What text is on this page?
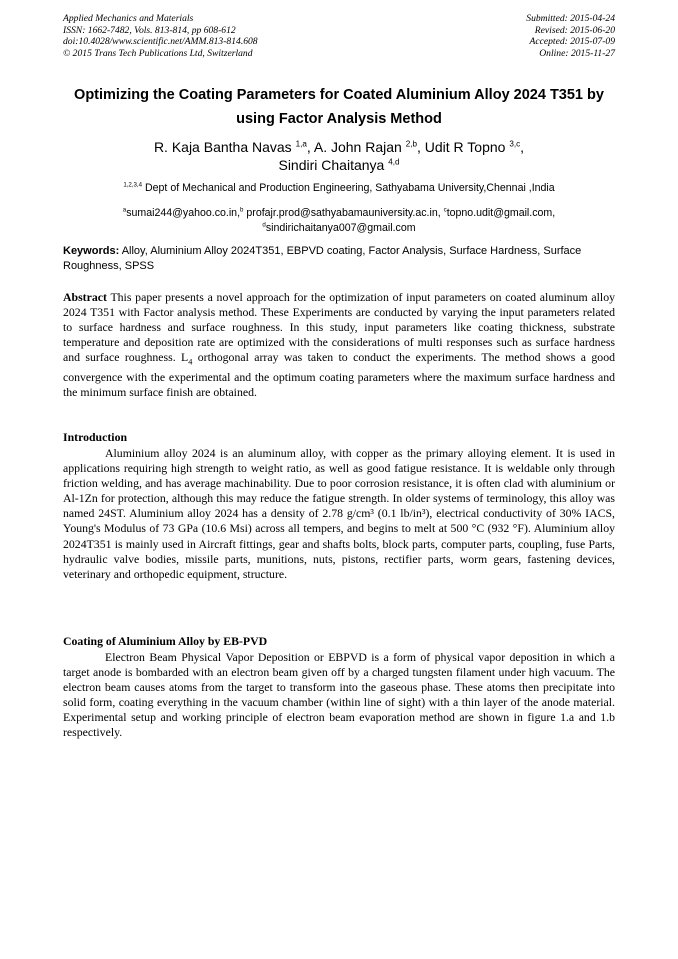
Applied Mechanics and Materials
ISSN: 1662-7482, Vols. 813-814, pp 608-612
doi:10.4028/www.scientific.net/AMM.813-814.608
© 2015 Trans Tech Publications Ltd, Switzerland
Submitted: 2015-04-24
Revised: 2015-06-20
Accepted: 2015-07-09
Online: 2015-11-27
Optimizing the Coating Parameters for Coated Aluminium Alloy 2024 T351 by using Factor Analysis Method
R. Kaja Bantha Navas $^{1,a}$, A. John Rajan $^{2,b}$, Udit R Topno $^{3,c}$,
Sindiri Chaitanya $^{4,d}$
$^{1,2,3,4}$ Dept of Mechanical and Production Engineering, Sathyabama University,Chennai ,India
$^a$sumai244@yahoo.co.in,$^b$ profajr.prod@sathyabamauniversity.ac.in, $^c$topno.udit@gmail.com,
$^d$sindirichaitanya007@gmail.com
Keywords: Alloy, Aluminium Alloy 2024T351, EBPVD coating, Factor Analysis, Surface Hardness, Surface Roughness, SPSS

Abstract This paper presents a novel approach for the optimization of input parameters on coated aluminum alloy 2024 T351 with Factor analysis method. These Experiments are conducted by varying the input parameters related to surface hardness and surface roughness. In this study, input parameters like coating thickness, substrate temperature and deposition rate are optimized with the considerations of multi responses such as surface hardness and surface roughness. $L_4$ orthogonal array was taken to conduct the experiments. The method shows a good convergence with the experimental and the optimum coating parameters where the maximum surface hardness and the minimum surface finish are obtained.

Introduction

Aluminium alloy 2024 is an aluminum alloy, with copper as the primary alloying element. It is used in applications requiring high strength to weight ratio, as well as good fatigue resistance. It is weldable only through friction welding, and has average machinability. Due to poor corrosion resistance, it is often clad with aluminium or Al-1Zn for protection, although this may reduce the fatigue strength. In older systems of terminology, this alloy was named 24ST. Aluminium alloy 2024 has a density of 2.78 g/cm³ (0.1 lb/in³), electrical conductivity of 30% IACS, Young's Modulus of 73 GPa (10.6 Msi) across all tempers, and begins to melt at 500 °C (932 °F). Aluminium alloy 2024T351 is mainly used in Aircraft fittings, gear and shafts bolts, block parts, computer parts, coupling, fuse Parts, hydraulic valve bodies, missile parts, munitions, nuts, pistons, rectifier parts, worm gears, fastening devices, veterinary and orthopedic equipment, structure.

Coating of Aluminium Alloy by EB-PVD

Electron Beam Physical Vapor Deposition or EBPVD is a form of physical vapor deposition in which a target anode is bombarded with an electron beam given off by a charged tungsten filament under high vacuum. The electron beam causes atoms from the target to transform into the gaseous phase. These atoms then precipitate into solid form, coating everything in the vacuum chamber (within line of sight) with a thin layer of the anode material. Experimental setup and working principle of electron beam evaporation method are shown in figure 1.a and 1.b respectively.
